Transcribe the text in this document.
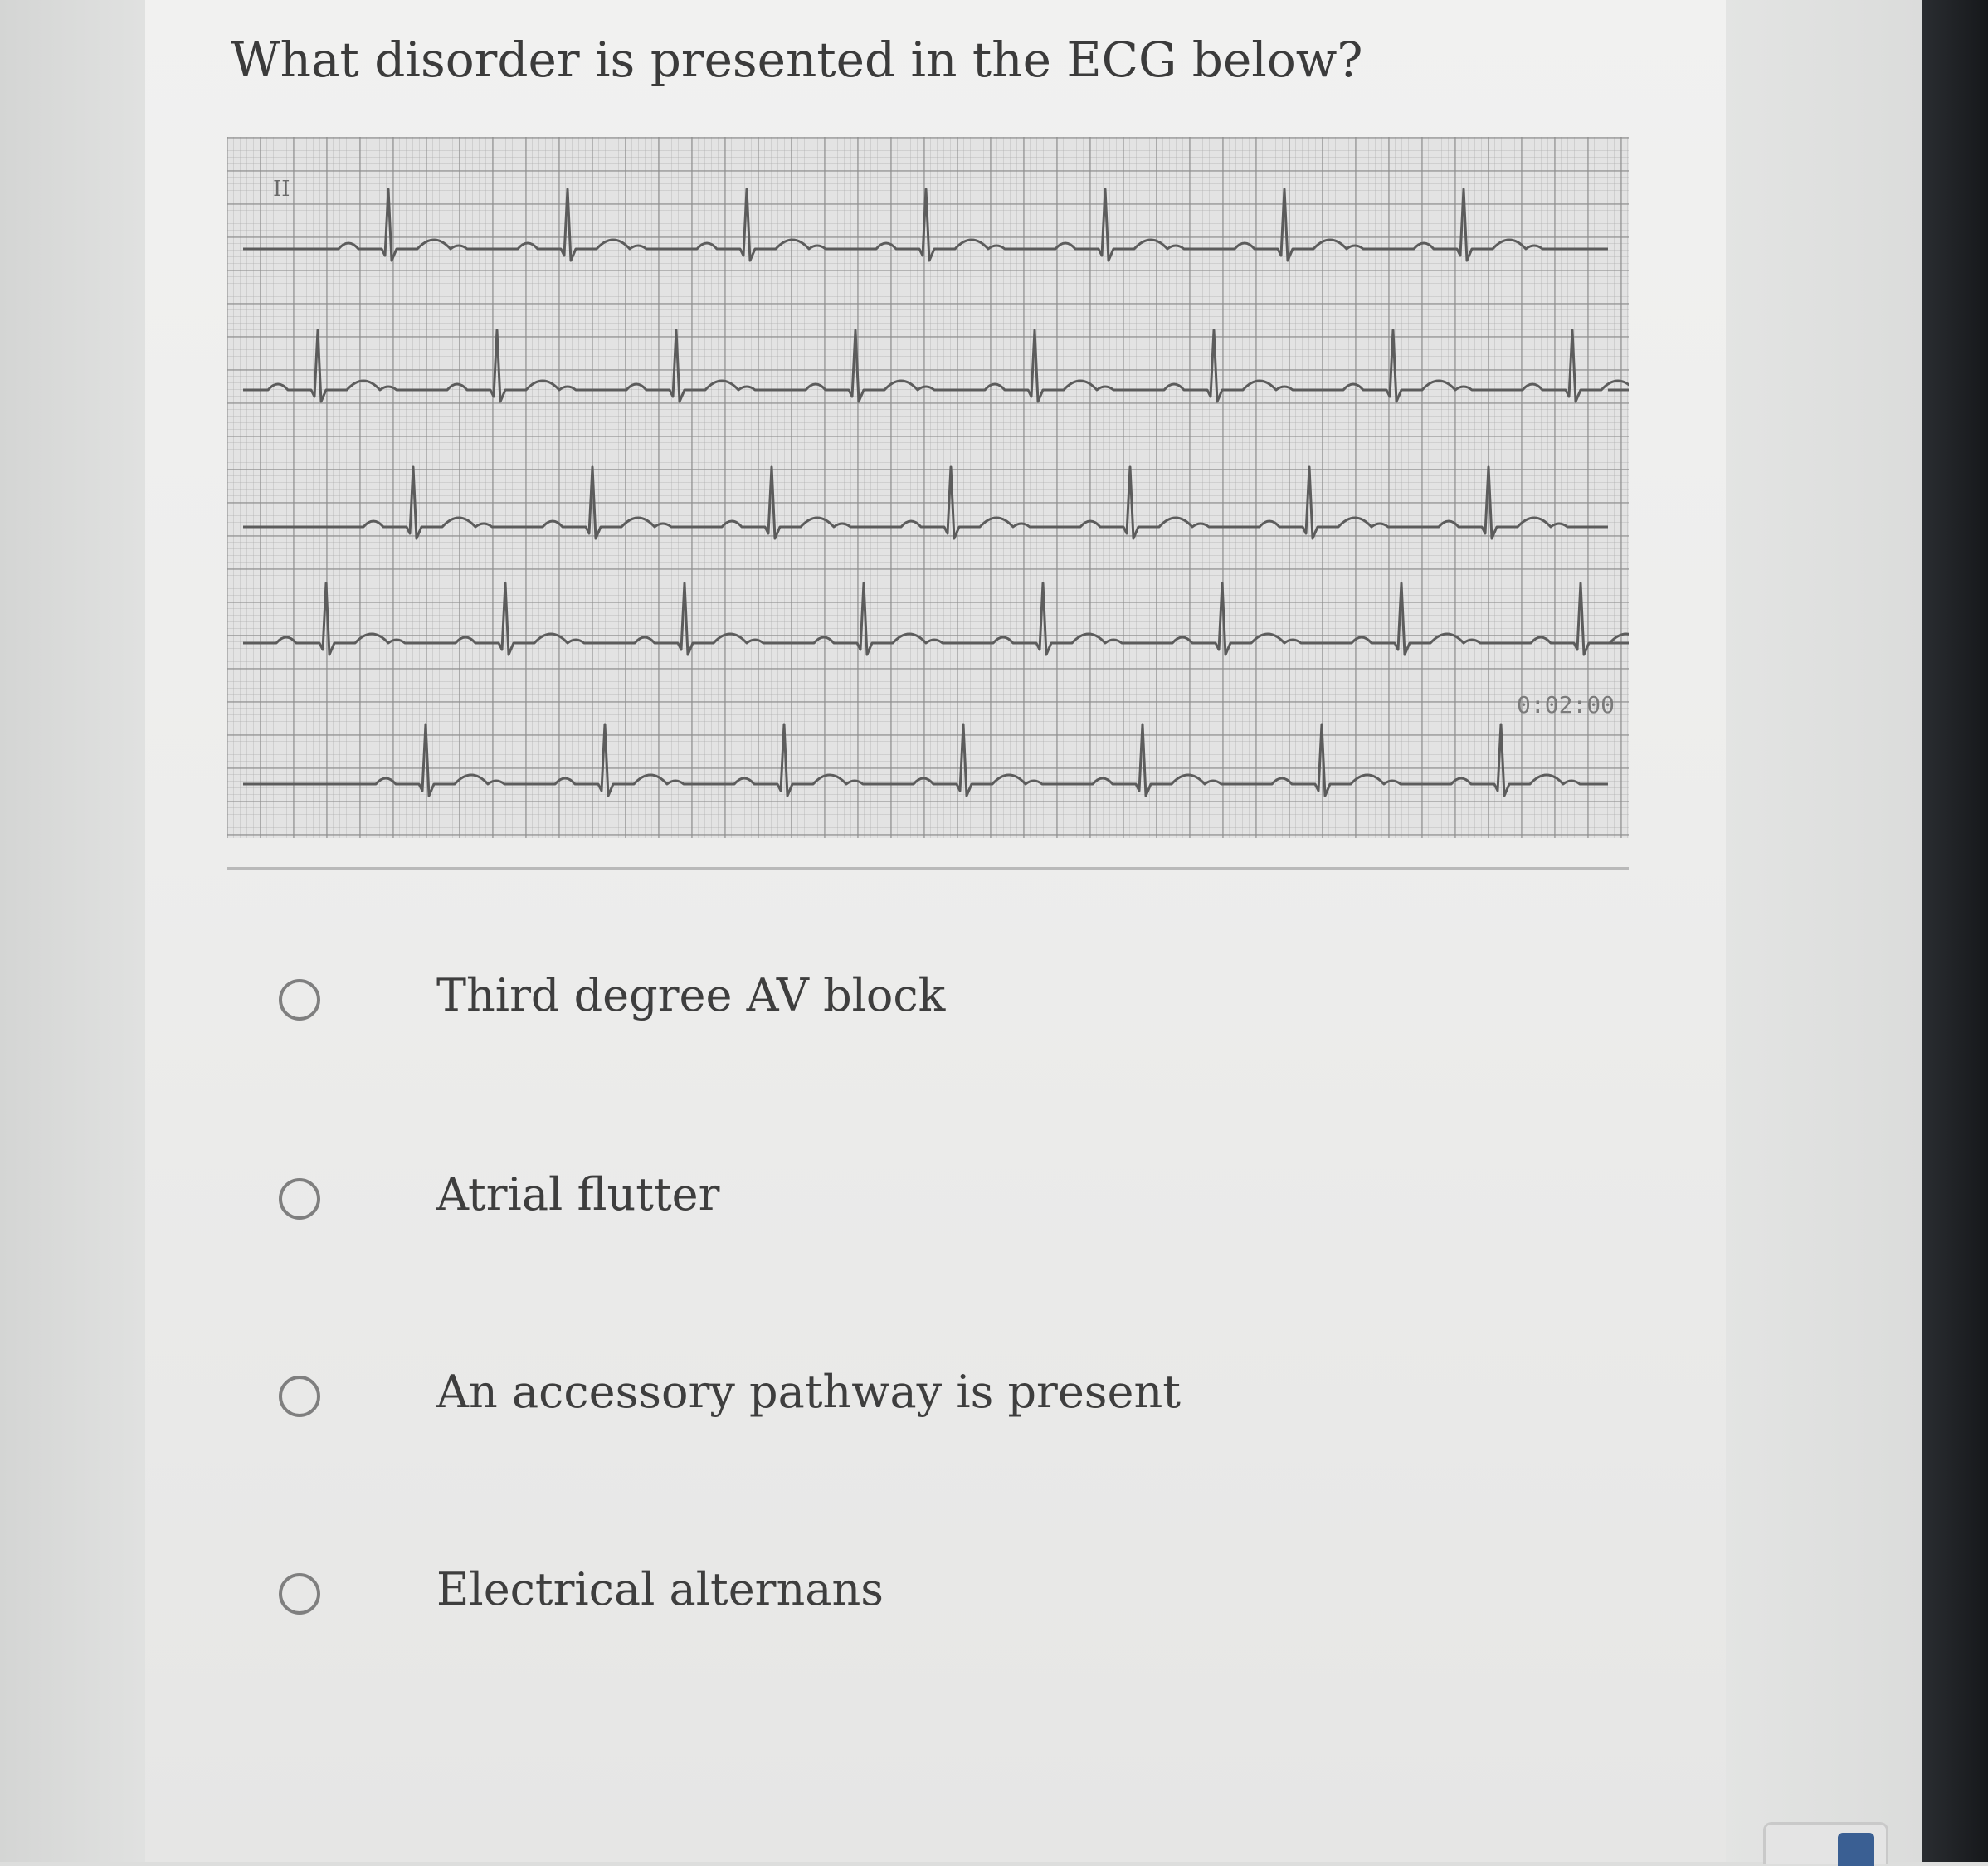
What disorder is presented in the ECG below?
II
0:02:00
Third degree AV block
Atrial flutter
An accessory pathway is present
Electrical alternans
